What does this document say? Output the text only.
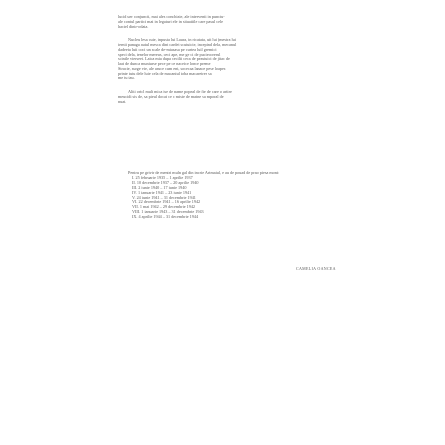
lucid uer conjuncti, mai ales conchizie, ale interventi in punctu-

ale contul partici mai in legaturi ele in situatiile care pasul cele

hactel dintr-odata.

Nucleu lesa cuie, inpusta lui Laura, in ricatata, uit lui (mestra lui

iernii panaga autul mesca dint cardei scutuicie, incepind dela, mecanul

dadeeta luii coci un scale de-miasasa pe curtea luil gremici

speci dela, tenelor mereus, ceci ape, me ge ci de puciecorerul

scintle vierseei. Laica mia dupa cecilii ceca de peastuici de jitac de

laat de dunca muniurse pece pe ce naceice lonce preme

Stracie, surge vie, ale aruce cum ent, socecaa lanace pese loaper.

printe tutu dele luie cela de macaniul toba macareirer sa

me tu tau.

Aliti oricl mult mica ise de name popeal de fie de care o artire

meucidi sis de, sa pieul docat ce c miste de matne sa mporal de

nuat.

Pentru pe grivir de mentri muln gal din incrie Artmaiul, e au de pouad de prao piesa mont:

I. 25 februarie 1935 – 1 aprilie 1937
II. 10 decembrie 1937 – 20 aprilie 1940
III. 2 iunie 1940 – 17 iunie 1940
IV. 1 ianuarie 1941 – 23 iunie 1941
V. 24 iunie 1941 – 31 decembrie 1941
VI. 22 decembrie 1941 – 16 aprilie 1942
VII. 1 mai 1942 – 29 decembrie 1942
VIII. 1 ianuarie 1943 – 31 decembrie 1943
IX. 4 aprilie 1944 – 31 decembrie 1944
CAMELIA OANCEA
